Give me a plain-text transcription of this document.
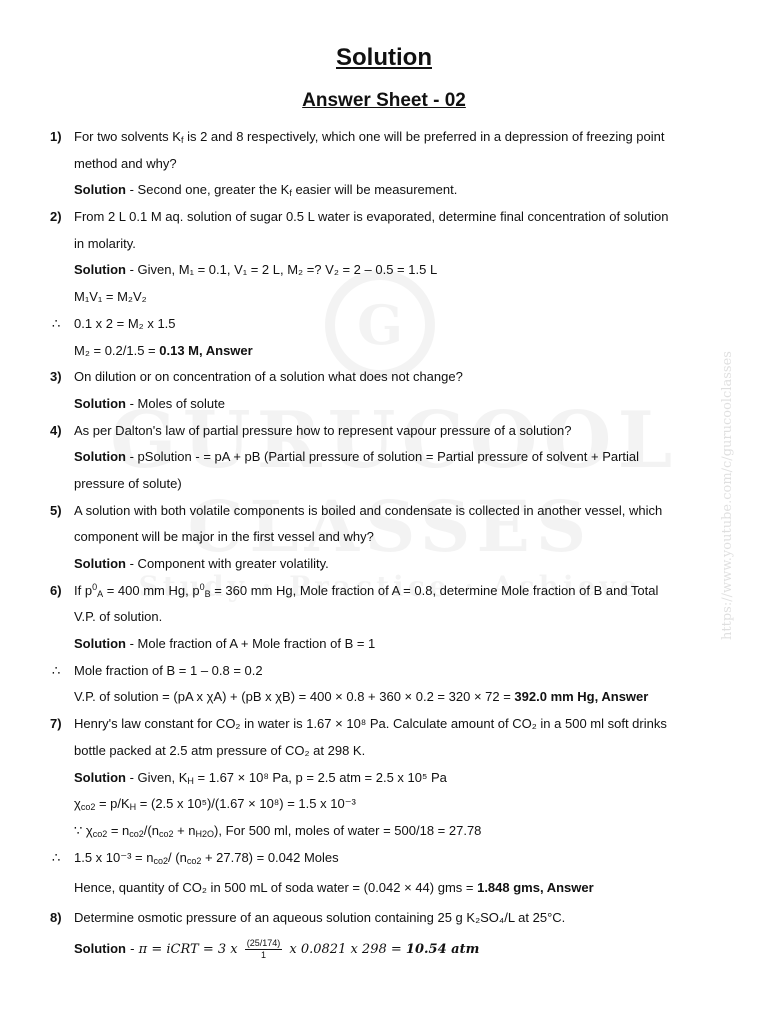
https://www.youtube.com/c/gurucoolclasses
Solution
Answer Sheet - 02
1) For two solvents $K_f$ is 2 and 8 respectively, which one will be preferred in a depression of freezing point
method and why?
Solution - Second one, greater the $K_f$ easier will be measurement.
2) From 2 L 0.1 M aq. solution of sugar 0.5 L water is evaporated, determine final concentration of solution
in molarity.
Solution - Given, M₁ = 0.1, V₁ = 2 L, M₂ =? V₂ = 2 – 0.5 = 1.5 L
M₁V₁ = M₂V₂
∴ 0.1 x 2 = M₂ x 1.5
M₂ = 0.2/1.5 = 0.13 M, Answer
3) On dilution or on concentration of a solution what does not change?
Solution - Moles of solute
4) As per Dalton's law of partial pressure how to represent vapour pressure of a solution?
Solution - pSolution - = pA + pB (Partial pressure of solution = Partial pressure of solvent + Partial
pressure of solute)
5) A solution with both volatile components is boiled and condensate is collected in another vessel, which
component will be major in the first vessel and why?
Solution - Component with greater volatility.
6) If $p^0_A = 400$ mm Hg, $p^0_B = 360$ mm Hg, Mole fraction of A = 0.8, determine Mole fraction of B and Total
V.P. of solution.
Solution - Mole fraction of A + Mole fraction of B = 1
∴ Mole fraction of B = 1 – 0.8 = 0.2
V.P. of solution = (pA x χA) + (pB x χB) = 400 × 0.8 + 360 × 0.2 = 320 × 72 = 392.0 mm Hg, Answer
7) Henry's law constant for CO₂ in water is 1.67 × 10⁸ Pa. Calculate amount of CO₂ in a 500 ml soft drinks
bottle packed at 2.5 atm pressure of CO₂ at 298 K.
Solution - Given, $K_H = 1.67 \times 10^8$ Pa, p = 2.5 atm = 2.5 x 10⁵ Pa
$\chi_{co2} = p/K_H = (2.5$ x 10⁵)/(1.67 × 10⁸) = 1.5 x 10⁻³
∵ $\chi_{co2} = n_{co2}/(n_{co2} + n_{H2O})$, For 500 ml, moles of water = 500/18 = 27.78
∴ 1.5 x $10^{-3} = n_{co2}/$ $(n_{co2} + 27.78) = 0.042$ Moles
Hence, quantity of CO₂ in 500 mL of soda water = (0.042 × 44) gms = 1.848 gms, Answer
8) Determine osmotic pressure of an aqueous solution containing 25 g K₂SO₄/L at 25°C.
Solution - π = iCRT = 3 x $\frac{(25/174)}{1}$ x 0.0821 x 298 = 10.54 atm
